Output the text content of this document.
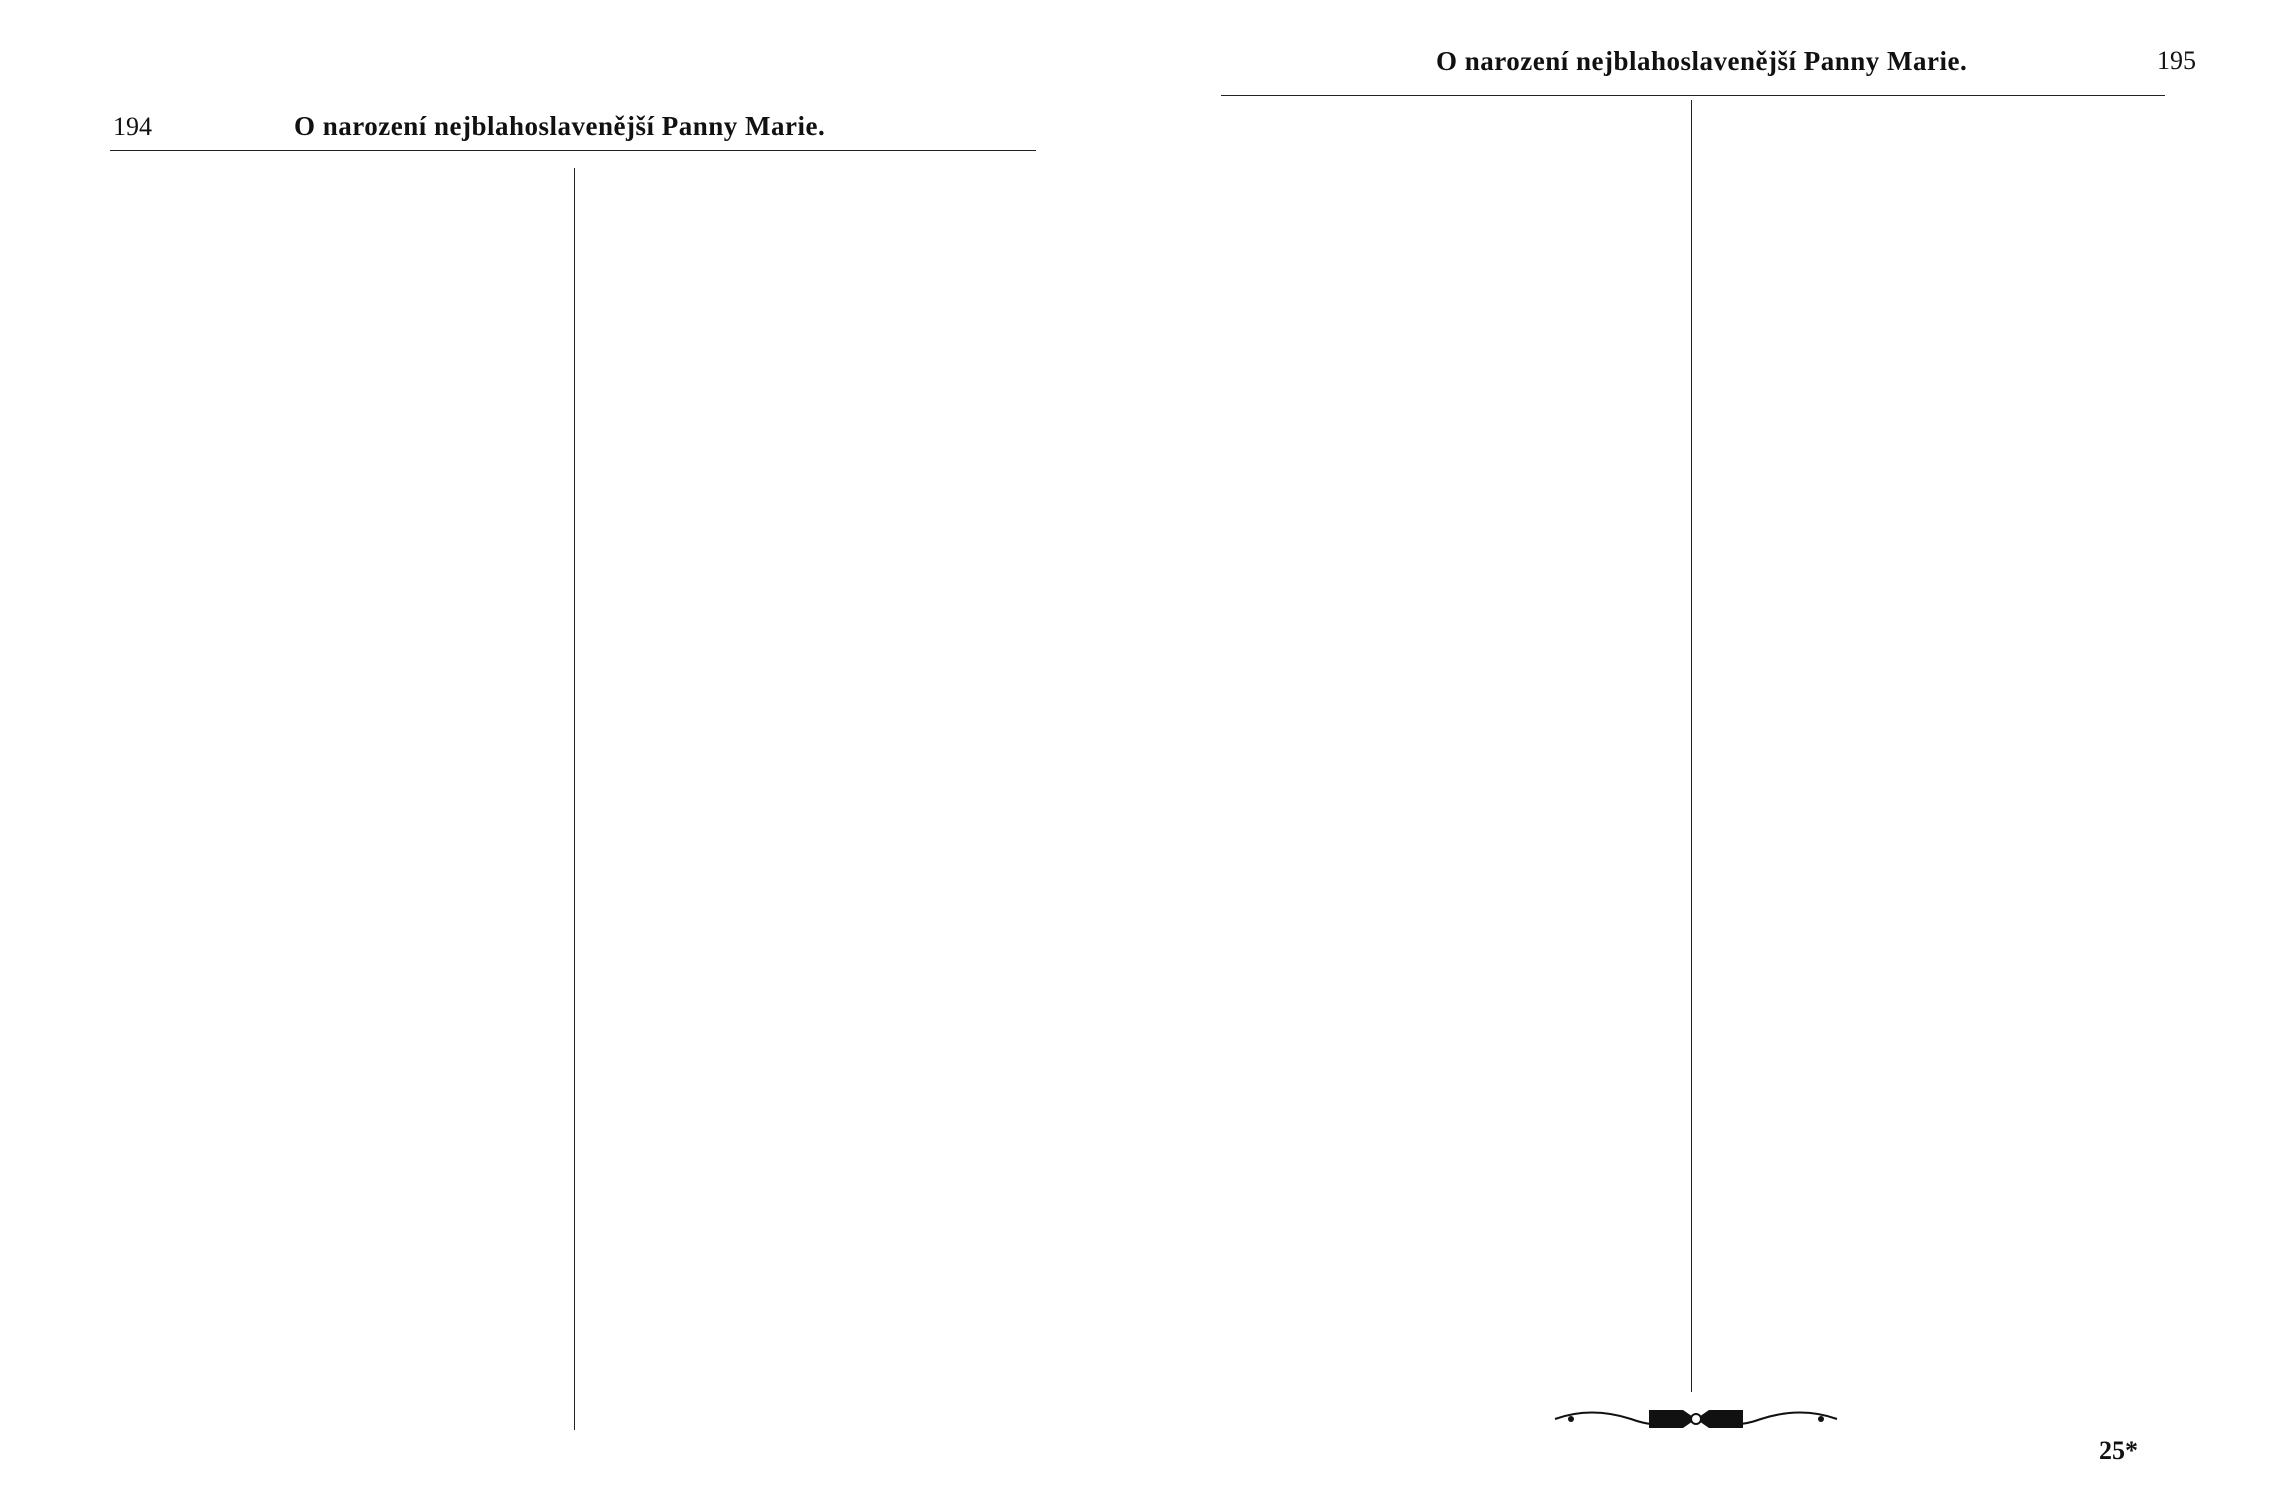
194	O narození nejblahoslavenější Panny Marie.
O narození nejblahoslavenější Panny Marie.	195
25*
